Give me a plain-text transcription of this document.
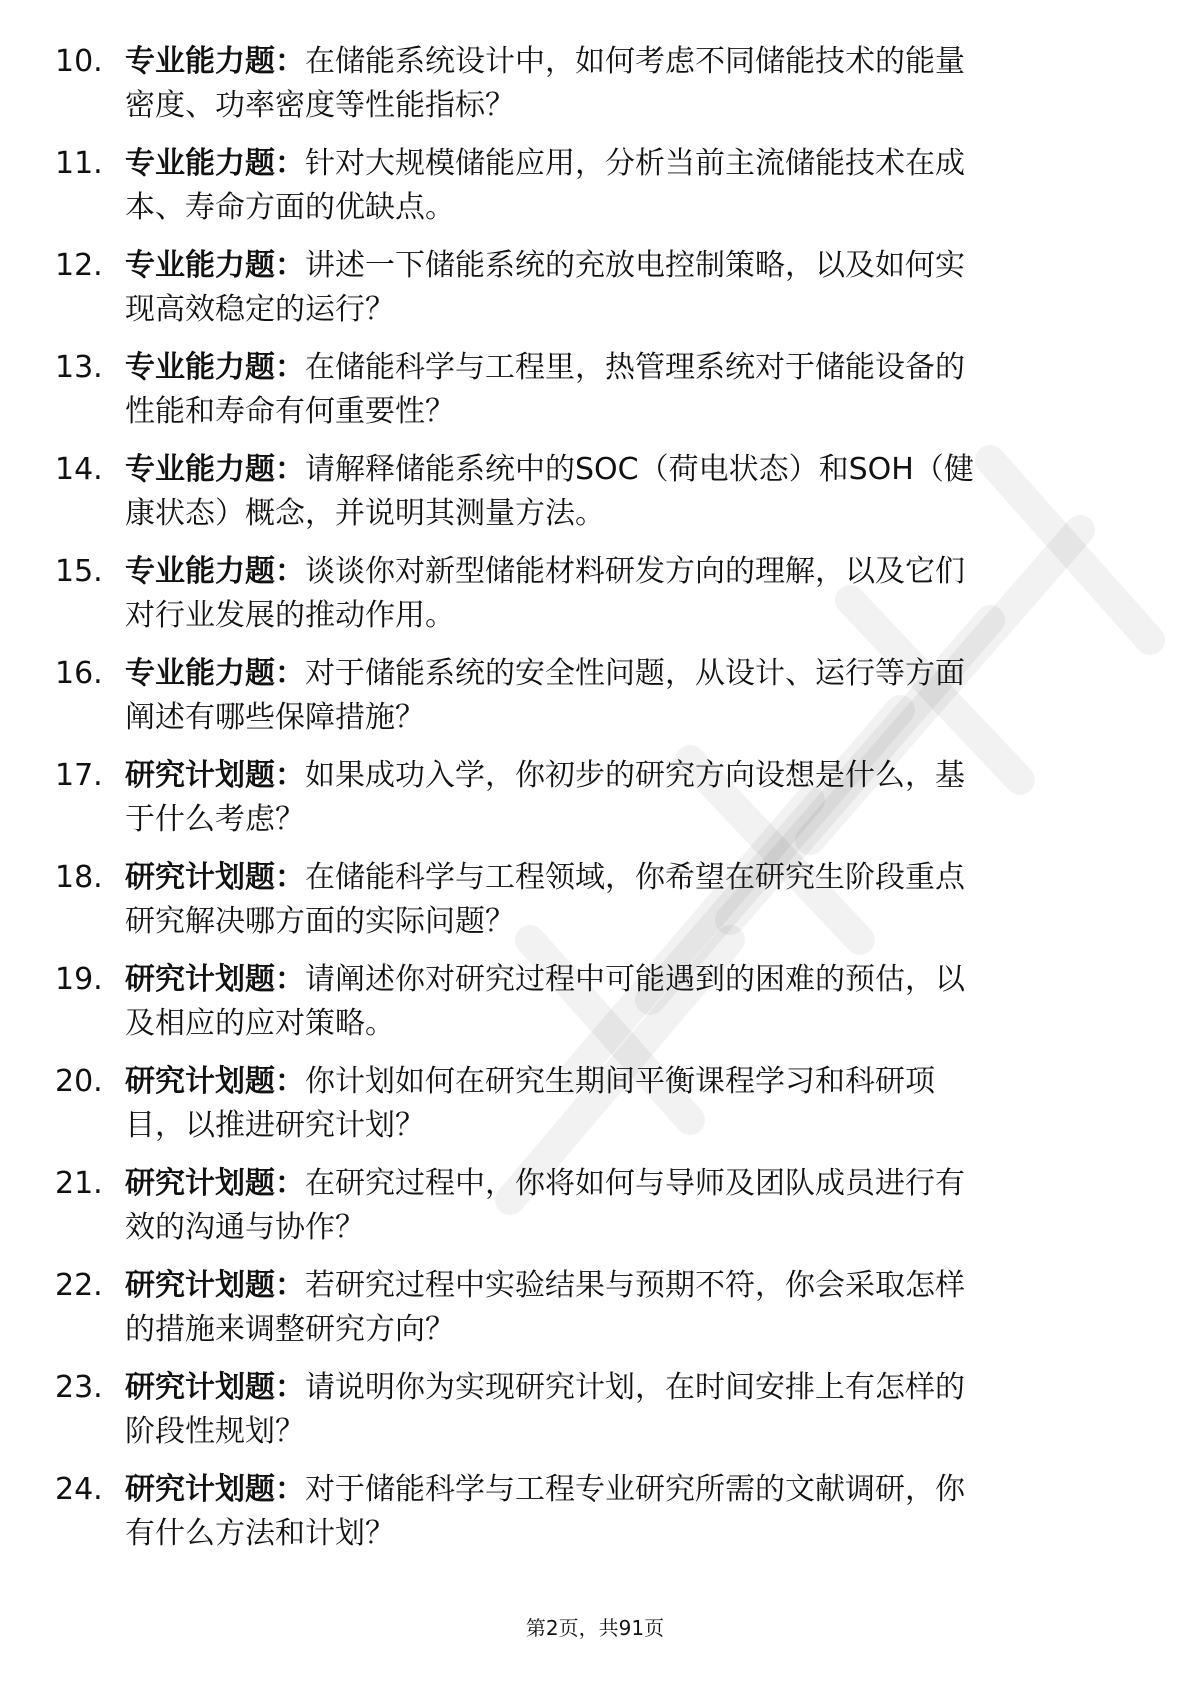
10. 专业能力题：在储能系统设计中，如何考虑不同储能技术的能量
密度、功率密度等性能指标？
11. 专业能力题：针对大规模储能应用，分析当前主流储能技术在成
本、寿命方面的优缺点。
12. 专业能力题：讲述一下储能系统的充放电控制策略，以及如何实
现高效稳定的运行？
13. 专业能力题：在储能科学与工程里，热管理系统对于储能设备的
性能和寿命有何重要性？
14. 专业能力题：请解释储能系统中的SOC（荷电状态）和SOH（健
康状态）概念，并说明其测量方法。
15. 专业能力题：谈谈你对新型储能材料研发方向的理解，以及它们
对行业发展的推动作用。
16. 专业能力题：对于储能系统的安全性问题，从设计、运行等方面
阐述有哪些保障措施？
17. 研究计划题：如果成功入学，你初步的研究方向设想是什么，基
于什么考虑？
18. 研究计划题：在储能科学与工程领域，你希望在研究生阶段重点
研究解决哪方面的实际问题？
19. 研究计划题：请阐述你对研究过程中可能遇到的困难的预估，以
及相应的应对策略。
20. 研究计划题：你计划如何在研究生期间平衡课程学习和科研项
目，以推进研究计划？
21. 研究计划题：在研究过程中，你将如何与导师及团队成员进行有
效的沟通与协作？
22. 研究计划题：若研究过程中实验结果与预期不符，你会采取怎样
的措施来调整研究方向？
23. 研究计划题：请说明你为实现研究计划，在时间安排上有怎样的
阶段性规划？
24. 研究计划题：对于储能科学与工程专业研究所需的文献调研，你
有什么方法和计划？
第2页，共91页
